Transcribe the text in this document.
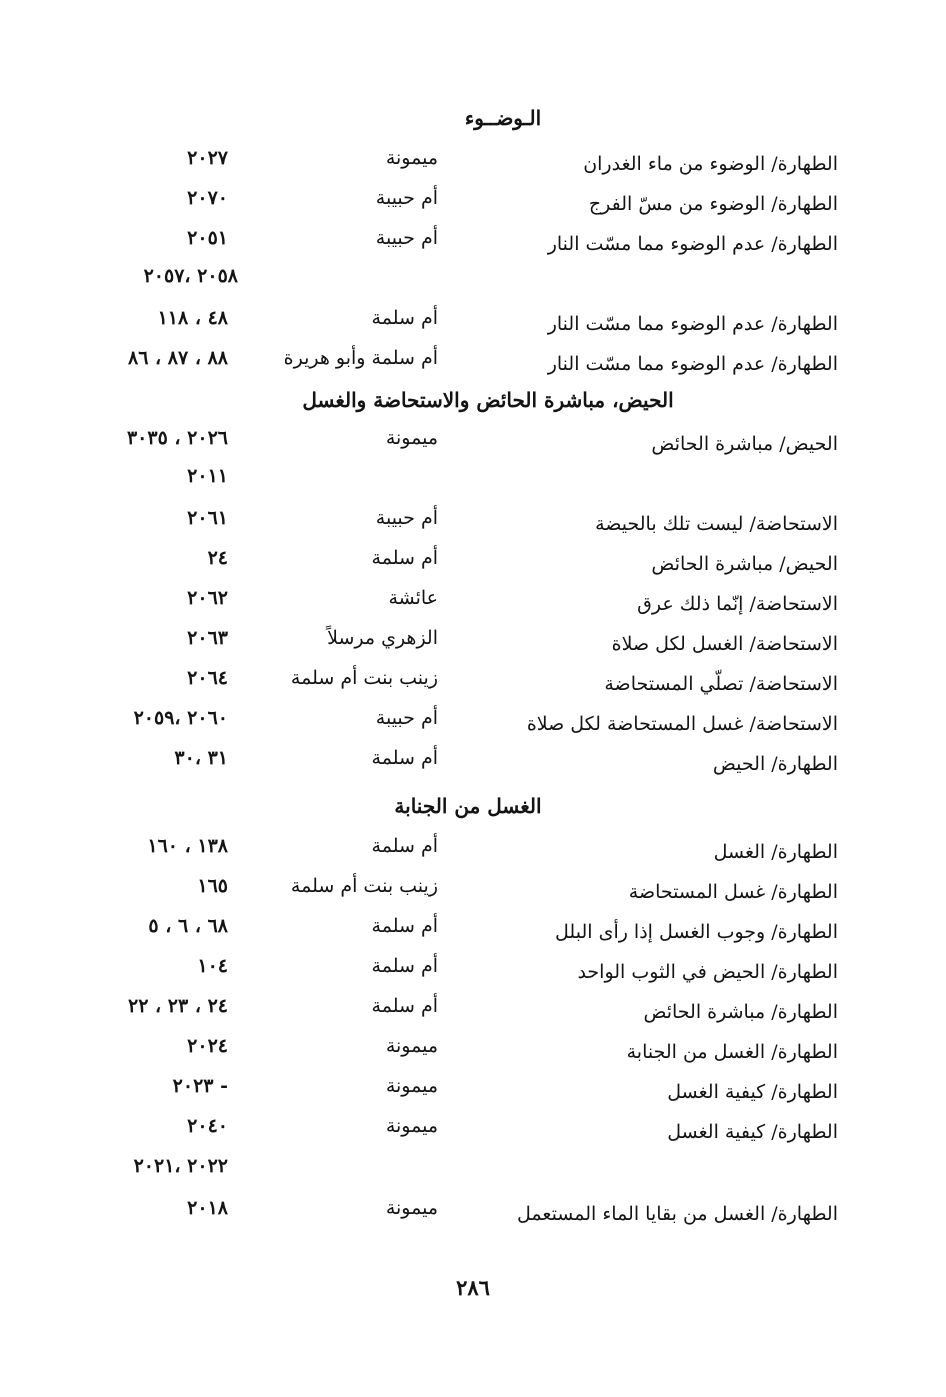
الـوضــوء
الطهارة/ الوضوء من ماء الغدران
ميمونة
٢٠٢٧
الطهارة/ الوضوء من مسّ الفرج
أم حبيبة
٢٠٧٠
الطهارة/ عدم الوضوء مما مسّت النار
أم حبيبة
٢٠٥١
٢٠٥٨ ،٢٠٥٧
الطهارة/ عدم الوضوء مما مسّت النار
أم سلمة
٤٨ ، ١١٨
الطهارة/ عدم الوضوء مما مسّت النار
أم سلمة وأبو هريرة
٨٨ ، ٨٧ ، ٨٦
الحيض، مباشرة الحائض والاستحاضة والغسل
الحيض/ مباشرة الحائض
ميمونة
٢٠٢٦ ، ٣٠٣٥
٢٠١١
الاستحاضة/ ليست تلك بالحيضة
أم حبيبة
٢٠٦١
الحيض/ مباشرة الحائض
أم سلمة
٢٤
الاستحاضة/ إنّما ذلك عرق
عائشة
٢٠٦٢
الاستحاضة/ الغسل لكل صلاة
الزهري مرسلاً
٢٠٦٣
الاستحاضة/ تصلّي المستحاضة
زينب بنت أم سلمة
٢٠٦٤
الاستحاضة/ غسل المستحاضة لكل صلاة
أم حبيبة
٢٠٦٠ ،٢٠٥٩
الطهارة/ الحيض
أم سلمة
٣١ ،٣٠
الغسل من الجنابة
الطهارة/ الغسل
أم سلمة
١٣٨ ، ١٦٠
الطهارة/ غسل المستحاضة
زينب بنت أم سلمة
١٦٥
الطهارة/ وجوب الغسل إذا رأى البلل
أم سلمة
٦٨ ، ٦ ، ٥
الطهارة/ الحيض في الثوب الواحد
أم سلمة
١٠٤
الطهارة/ مباشرة الحائض
أم سلمة
٢٤ ، ٢٣ ، ٢٢
الطهارة/ الغسل من الجنابة
ميمونة
٢٠٢٤
الطهارة/ كيفية الغسل
ميمونة
- ٢٠٢٣
الطهارة/ كيفية الغسل
ميمونة
٢٠٤٠
٢٠٢٢ ،٢٠٢١
الطهارة/ الغسل من بقايا الماء المستعمل
ميمونة
٢٠١٨
٢٨٦
